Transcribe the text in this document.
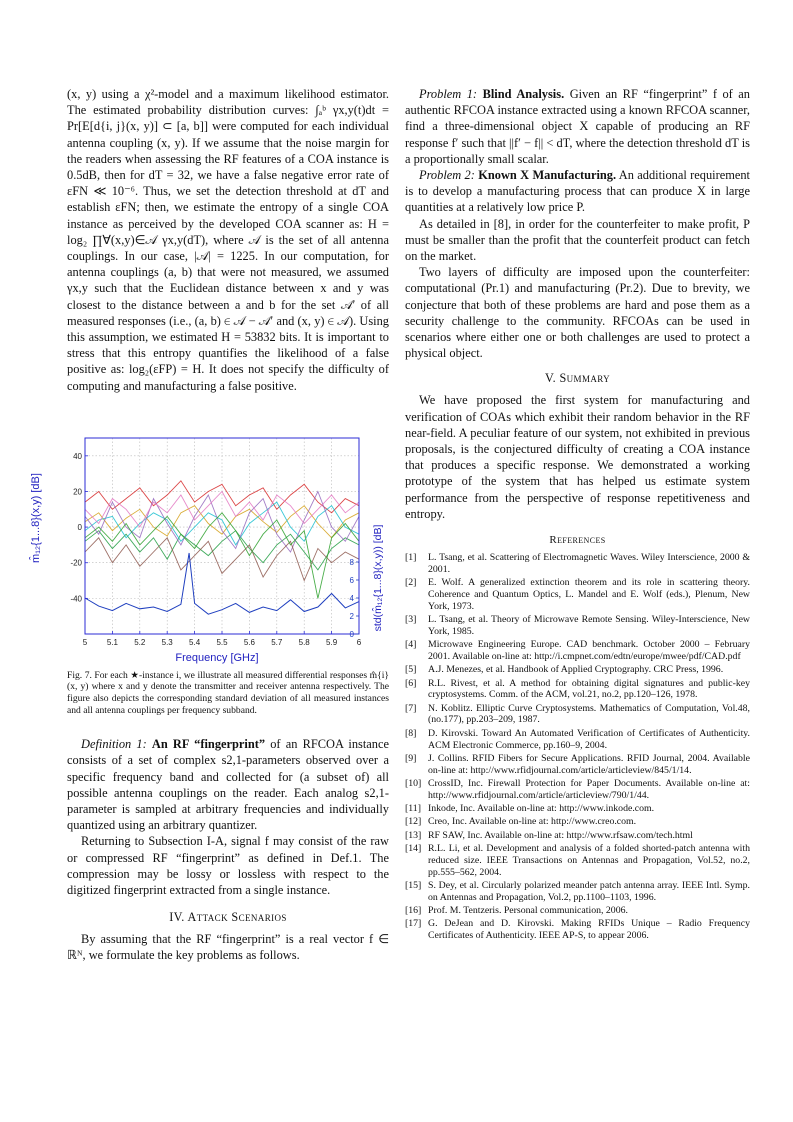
(x, y) using a χ²-model and a maximum likelihood estimator. The estimated probability distribution curves: ∫ₐᵇ γx,y(t)dt = Pr[E[d{i, j}(x, y)] ⊂ [a, b]] were computed for each individual antenna coupling (x, y). If we assume that the noise margin for the readers when assessing the RF features of a COA instance is 0.5dB, then for dT = 32, we have a false negative error rate of εFN ≪ 10⁻⁶. Thus, we set the detection threshold at dT and establish εFN; then, we estimate the entropy of a single COA instance as perceived by the developed COA scanner as: H = log₂ ∏∀(x,y)∈𝒜 γx,y(dT), where 𝒜 is the set of all antenna couplings. In our case, |𝒜| = 1225. In our computation, for antenna couplings (a, b) that were not measured, we assumed γx,y such that the Euclidean distance between x and y was closest to the distance between a and b for the set 𝒜′ of all measured responses (i.e., (a, b) ∈ 𝒜 − 𝒜′ and (x, y) ∈ 𝒜). Using this assumption, we estimated H = 53832 bits. It is important to stress that this entropy quantifies the likelihood of a false positive as: log₂(εFP) = H. It does not specify the difficulty of computing and manufacturing a false positive.

5 5.1 5.2 5.3 5.4 5.5 5.6 5.7 5.8 5.9 6
40
20
0
-20
-40
8
6
4
2
0
Frequency [GHz]
m̂₁₂{1...8}(x,y) [dB]
std(m̂₁₂{1...8}(x,y)) [dB]

Fig. 7. For each ★-instance i, we illustrate all measured differential responses m̂{i}(x, y) where x and y denote the transmitter and receiver antenna respectively. The figure also depicts the corresponding standard deviation of all measured instances and all antenna couplings per frequency subband.

Definition 1: An RF “fingerprint” of an RFCOA instance consists of a set of complex s2,1-parameters observed over a specific frequency band and collected for (a subset of) all possible antenna couplings on the reader. Each analog s2,1-parameter is sampled at arbitrary frequencies and individually quantized using an arbitrary quantizer.

Returning to Subsection I-A, signal f may consist of the raw or compressed RF “fingerprint” as defined in Def.1. The compression may be lossy or lossless with respect to the digitized fingerprint extracted from a single instance.

IV. Attack Scenarios

By assuming that the RF “fingerprint” is a real vector f ∈ ℝᴺ, we formulate the key problems as follows.

Problem 1: Blind Analysis. Given an RF “fingerprint” f of an authentic RFCOA instance extracted using a known RFCOA scanner, find a three-dimensional object X capable of producing an RF response f′ such that ||f′ − f|| < dT, where the detection threshold dT is a proportionally small scalar.

Problem 2: Known X Manufacturing. An additional requirement is to develop a manufacturing process that can produce X in large quantities at a relatively low price P.

As detailed in [8], in order for the counterfeiter to make profit, P must be smaller than the profit that the counterfeit product can fetch on the market.

Two layers of difficulty are imposed upon the counterfeiter: computational (Pr.1) and manufacturing (Pr.2). Due to brevity, we conjecture that both of these problems are hard and pose them as a security challenge to the community. RFCOAs can be used in scenarios where either one or both challenges are used to protect a physical object.

V. Summary

We have proposed the first system for manufacturing and verification of COAs which exhibit their random behavior in the RF near-field. A peculiar feature of our system, not exhibited in previous proposals, is the conjectured difficulty of creating a COA instance that produces a specific response. We demonstrated a working prototype of the system that has helped us estimate system performance from the perspective of response repetitiveness and entropy.

References
[1]	L. Tsang, et al. Scattering of Electromagnetic Waves. Wiley Interscience, 2000 & 2001.
[2]	E. Wolf. A generalized extinction theorem and its role in scattering theory. Coherence and Quantum Optics, L. Mandel and E. Wolf (eds.), Plenum, New York, 1973.
[3]	L. Tsang, et al. Theory of Microwave Remote Sensing. Wiley-Interscience, New York, 1985.
[4]	Microwave Engineering Europe. CAD benchmark. October 2000 – February 2001. Available on-line at: http://i.cmpnet.com/edtn/europe/mwee/pdf/CAD.pdf
[5]	A.J. Menezes, et al. Handbook of Applied Cryptography. CRC Press, 1996.
[6]	R.L. Rivest, et al. A method for obtaining digital signatures and public-key cryptosystems. Comm. of the ACM, vol.21, no.2, pp.120–126, 1978.
[7]	N. Koblitz. Elliptic Curve Cryptosystems. Mathematics of Computation, Vol.48, (no.177), pp.203–209, 1987.
[8]	D. Kirovski. Toward An Automated Verification of Certificates of Authenticity. ACM Electronic Commerce, pp.160–9, 2004.
[9]	J. Collins. RFID Fibers for Secure Applications. RFID Journal, 2004. Available on-line at: http://www.rfidjournal.com/article/articleview/845/1/14.
[10] CrossID, Inc. Firewall Protection for Paper Documents. Available on-line at: http://www.rfidjournal.com/article/articleview/790/1/44.
[11] Inkode, Inc. Available on-line at: http://www.inkode.com.
[12] Creo, Inc. Available on-line at: http://www.creo.com.
[13] RF SAW, Inc. Available on-line at: http://www.rfsaw.com/tech.html
[14] R.L. Li, et al. Development and analysis of a folded shorted-patch antenna with reduced size. IEEE Transactions on Antennas and Propagation, Vol.52, no.2, pp.555–562, 2004.
[15] S. Dey, et al. Circularly polarized meander patch antenna array. IEEE Intl. Symp. on Antennas and Propagation, Vol.2, pp.1100–1103, 1996.
[16] Prof. M. Tentzeris. Personal communication, 2006.
[17] G. DeJean and D. Kirovski. Making RFIDs Unique – Radio Frequency Certificates of Authenticity. IEEE AP-S, to appear 2006.
